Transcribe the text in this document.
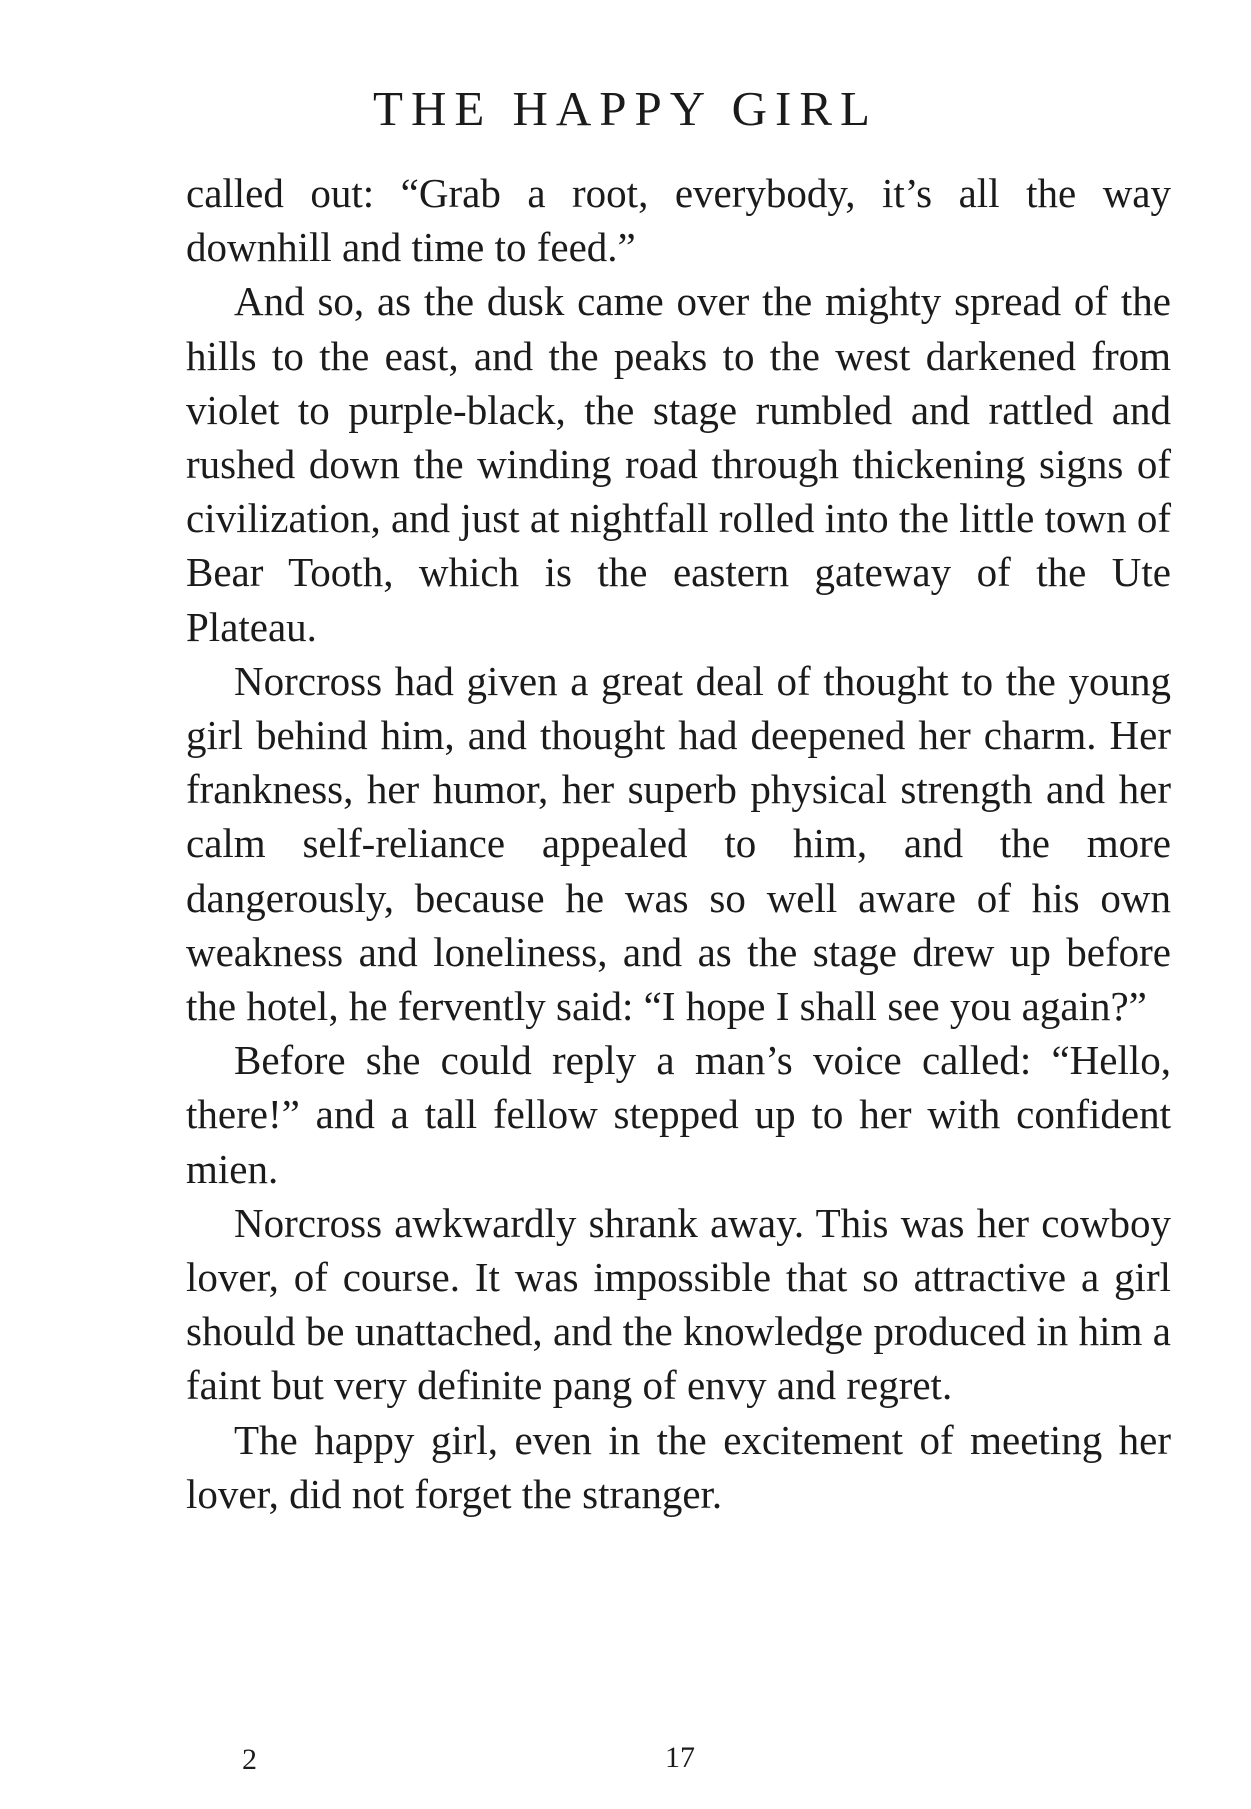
THE HAPPY GIRL

called out: “Grab a root, everybody, it’s all the way downhill and time to feed.”

And so, as the dusk came over the mighty spread of the hills to the east, and the peaks to the west darkened from violet to purple-black, the stage rumbled and rattled and rushed down the winding road through thickening signs of civilization, and just at nightfall rolled into the little town of Bear Tooth, which is the eastern gateway of the Ute Plateau.

Norcross had given a great deal of thought to the young girl behind him, and thought had deepened her charm. Her frankness, her humor, her superb physical strength and her calm self-reliance appealed to him, and the more dangerously, because he was so well aware of his own weakness and loneliness, and as the stage drew up before the hotel, he fervently said: “I hope I shall see you again?”

Before she could reply a man’s voice called: “Hello, there!” and a tall fellow stepped up to her with confident mien.

Norcross awkwardly shrank away. This was her cowboy lover, of course. It was impossible that so attractive a girl should be unattached, and the knowledge produced in him a faint but very definite pang of envy and regret.

The happy girl, even in the excitement of meeting her lover, did not forget the stranger.

2	17
